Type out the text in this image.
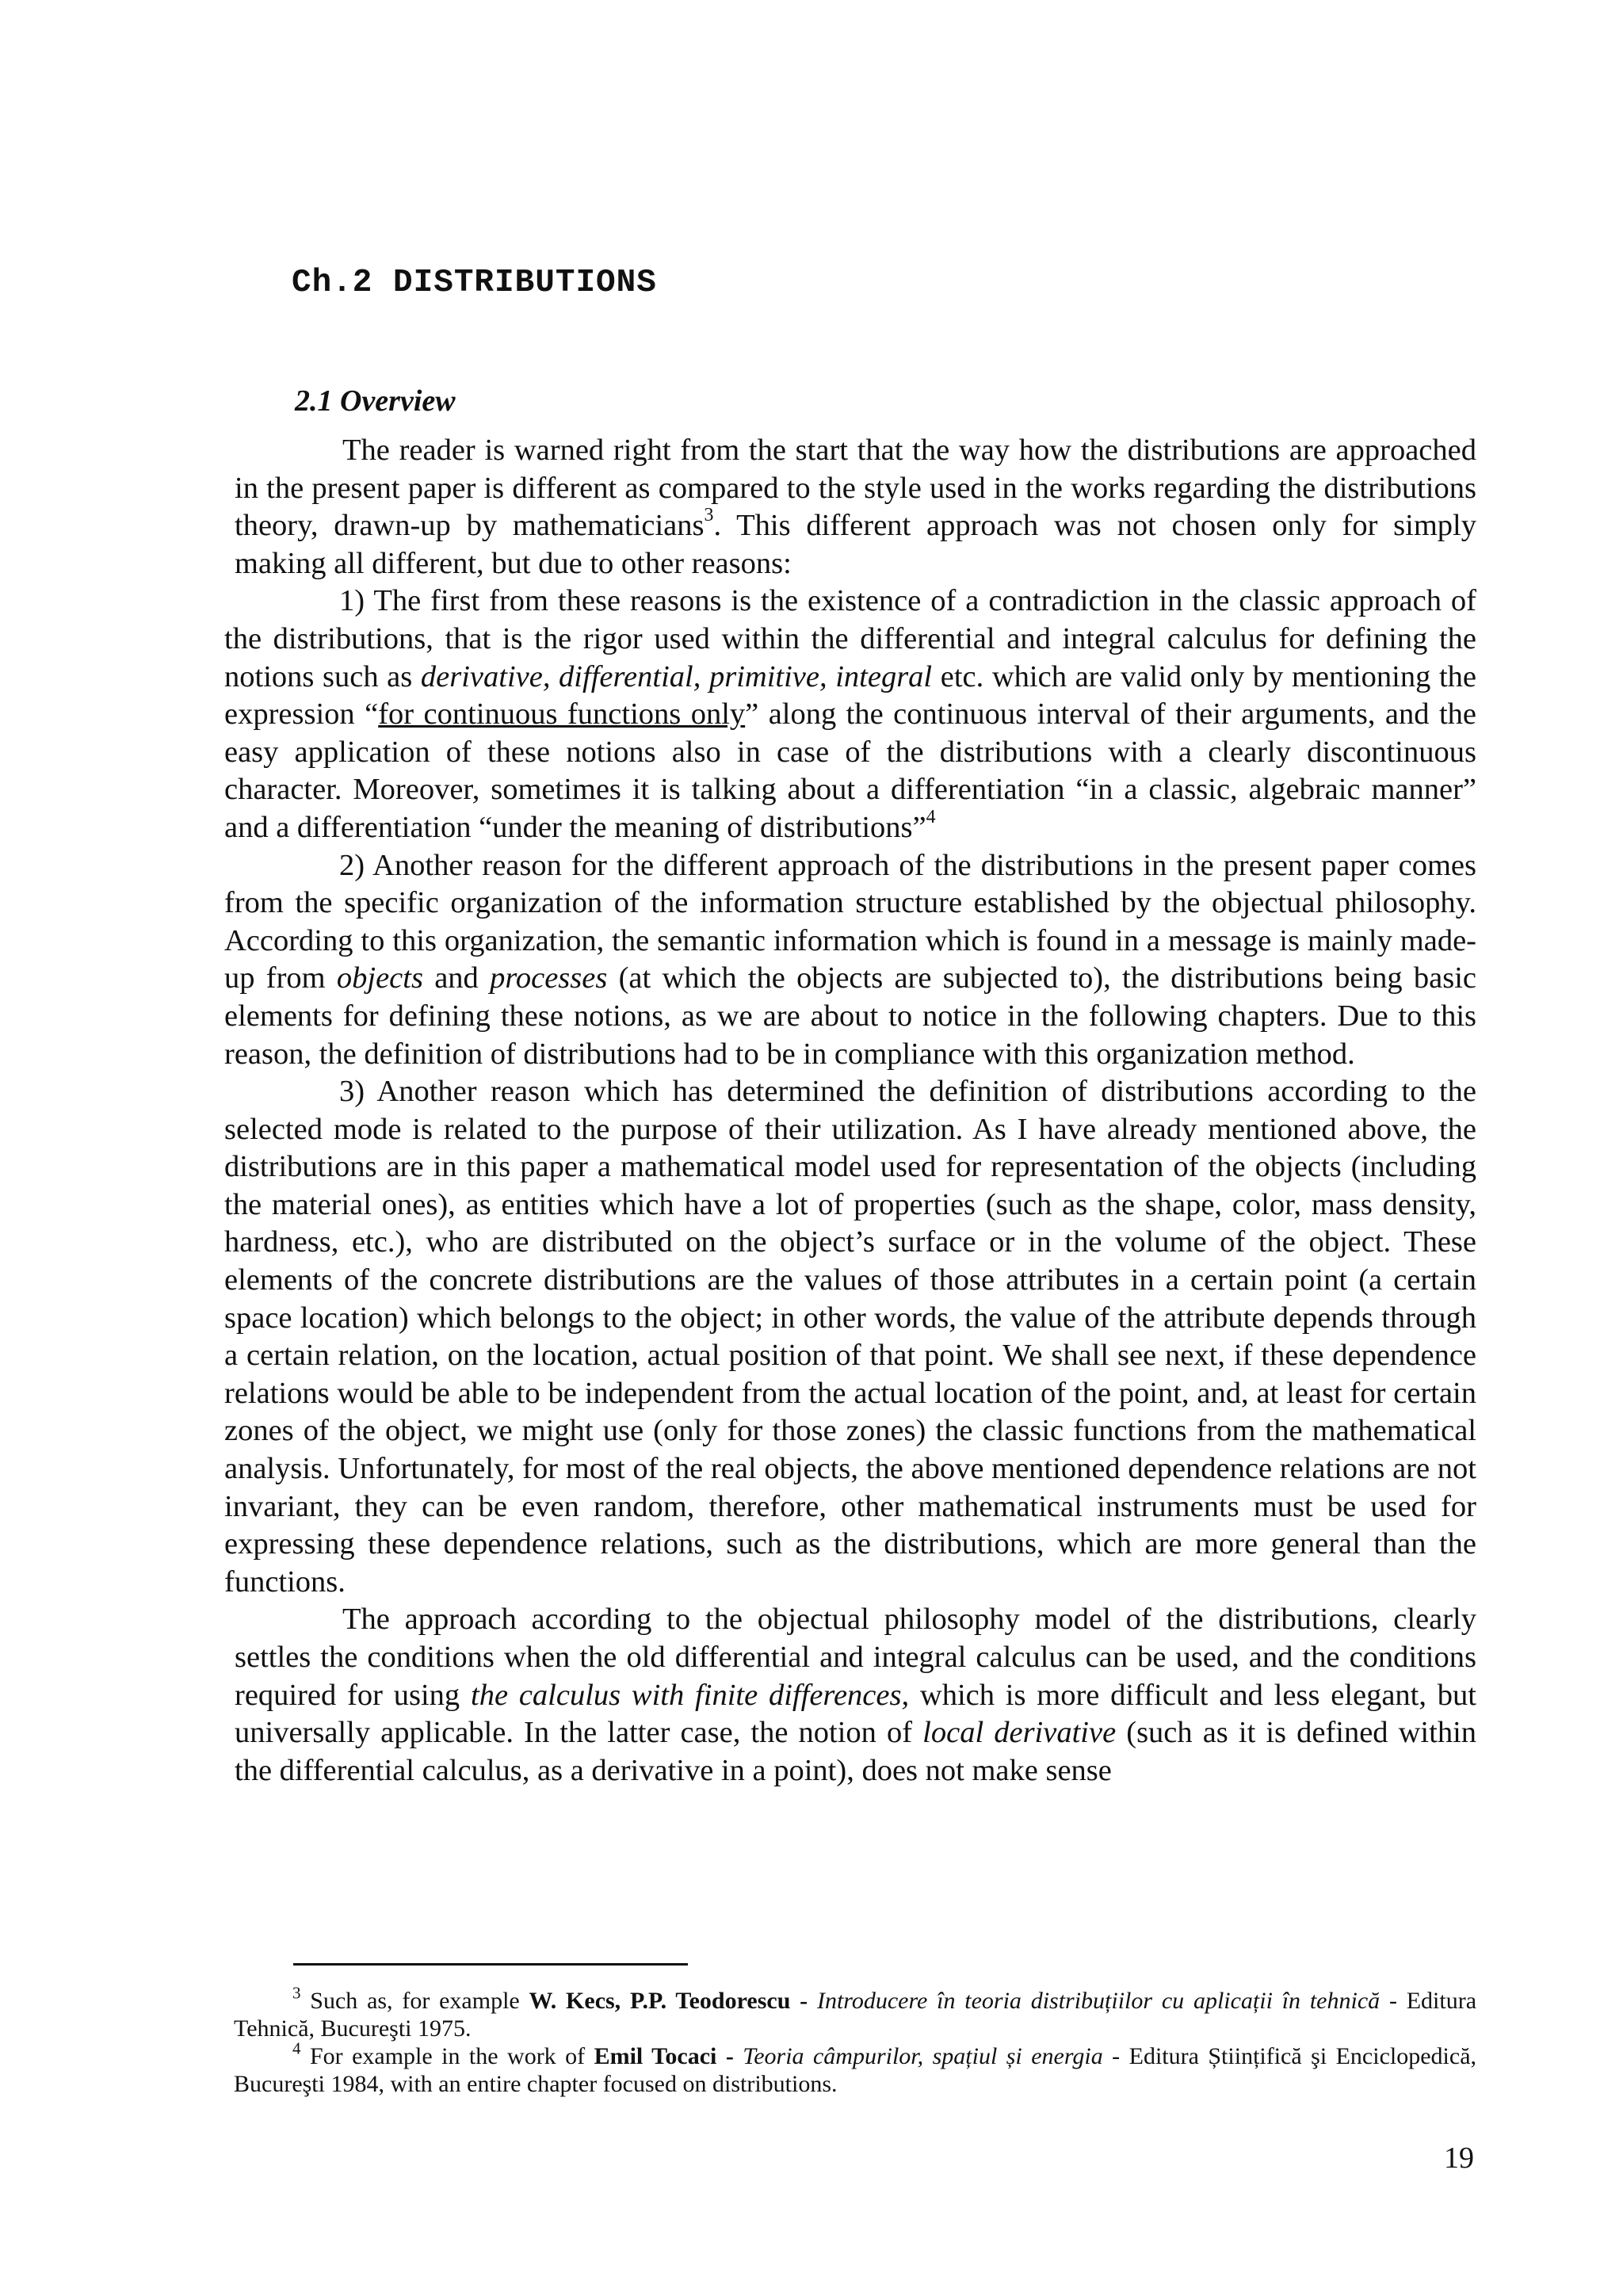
Ch.2 DISTRIBUTIONS
2.1 Overview

The reader is warned right from the start that the way how the distributions are approached in the present paper is different as compared to the style used in the works regarding the distributions theory, drawn-up by mathematicians$^3$. This different approach was not chosen only for simply making all different, but due to other reasons:

1) The first from these reasons is the existence of a contradiction in the classic approach of the distributions, that is the rigor used within the differential and integral calculus for defining the notions such as derivative, differential, primitive, integral etc. which are valid only by mentioning the expression “for continuous functions only” along the continuous interval of their arguments, and the easy application of these notions also in case of the distributions with a clearly discontinuous character. Moreover, sometimes it is talking about a differentiation “in a classic, algebraic manner” and a differentiation “under the meaning of distributions”$^4$

2) Another reason for the different approach of the distributions in the present paper comes from the specific organization of the information structure established by the objectual philosophy. According to this organization, the semantic information which is found in a message is mainly made-up from objects and processes (at which the objects are subjected to), the distributions being basic elements for defining these notions, as we are about to notice in the following chapters. Due to this reason, the definition of distributions had to be in compliance with this organization method.

3) Another reason which has determined the definition of distributions according to the selected mode is related to the purpose of their utilization. As I have already mentioned above, the distributions are in this paper a mathematical model used for representation of the objects (including the material ones), as entities which have a lot of properties (such as the shape, color, mass density, hardness, etc.), who are distributed on the object’s surface or in the volume of the object. These elements of the concrete distributions are the values of those attributes in a certain point (a certain space location) which belongs to the object; in other words, the value of the attribute depends through a certain relation, on the location, actual position of that point. We shall see next, if these dependence relations would be able to be independent from the actual location of the point, and, at least for certain zones of the object, we might use (only for those zones) the classic functions from the mathematical analysis. Unfortunately, for most of the real objects, the above mentioned dependence relations are not invariant, they can be even random, therefore, other mathematical instruments must be used for expressing these dependence relations, such as the distributions, which are more general than the functions.

The approach according to the objectual philosophy model of the distributions, clearly settles the conditions when the old differential and integral calculus can be used, and the conditions required for using the calculus with finite differences, which is more difficult and less elegant, but universally applicable. In the latter case, the notion of local derivative (such as it is defined within the differential calculus, as a derivative in a point), does not make sense

$^3$ Such as, for example W. Kecs, P.P. Teodorescu - Introducere în teoria distribuțiilor cu aplicații în tehnică - Editura Tehnică, Bucureşti 1975.

$^4$ For example in the work of Emil Tocaci - Teoria câmpurilor, spațiul și energia - Editura Științifică şi Enciclopedică, Bucureşti 1984, with an entire chapter focused on distributions.

19
